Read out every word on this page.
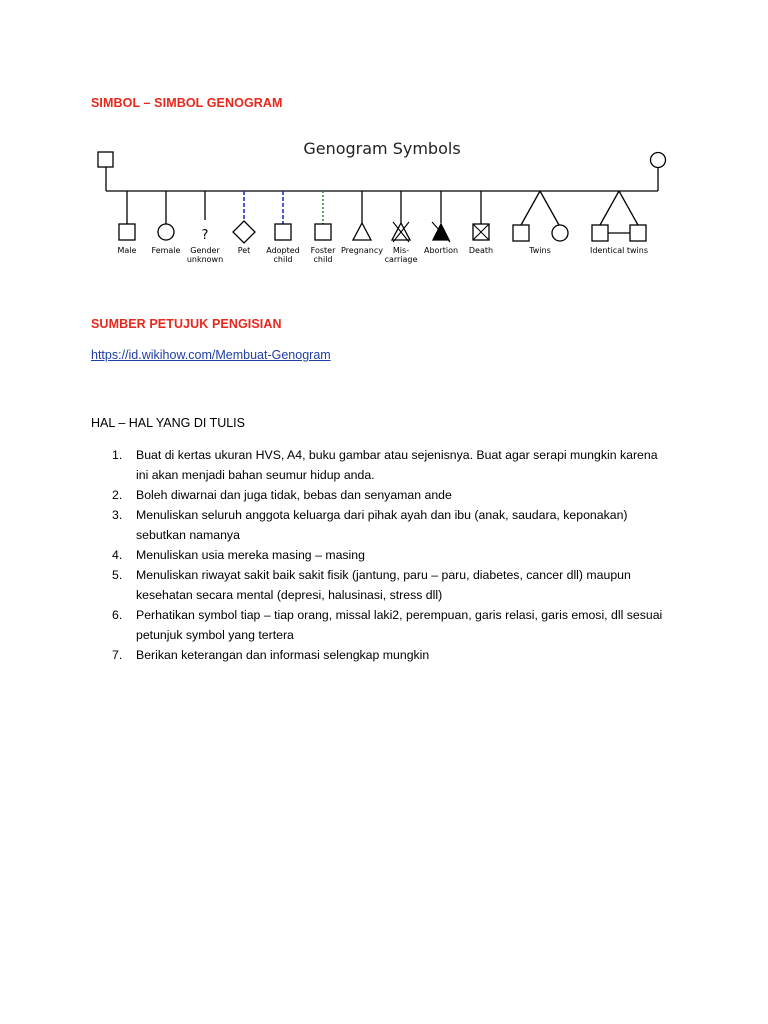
SIMBOL – SIMBOL GENOGRAM
Genogram Symbols
Male Female
?
Gender
unknown
Pet Adopted
child
Foster
child
Pregnancy Mis-
carriage
Abortion Death	Twins	Identical twins
SUMBER PETUJUK PENGISIAN
https://id.wikihow.com/Membuat-Genogram
HAL – HAL YANG DI TULIS
1. Buat di kertas ukuran HVS, A4, buku gambar atau sejenisnya. Buat agar serapi mungkin karena
ini akan menjadi bahan seumur hidup anda.
2. Boleh diwarnai dan juga tidak, bebas dan senyaman ande
3. Menuliskan seluruh anggota keluarga dari pihak ayah dan ibu (anak, saudara, keponakan)
sebutkan namanya
4. Menuliskan usia mereka masing – masing
5. Menuliskan riwayat sakit baik sakit fisik (jantung, paru – paru, diabetes, cancer dll) maupun
kesehatan secara mental (depresi, halusinasi, stress dll)
6. Perhatikan symbol tiap – tiap orang, missal laki2, perempuan, garis relasi, garis emosi, dll sesuai
petunjuk symbol yang tertera
7. Berikan keterangan dan informasi selengkap mungkin
